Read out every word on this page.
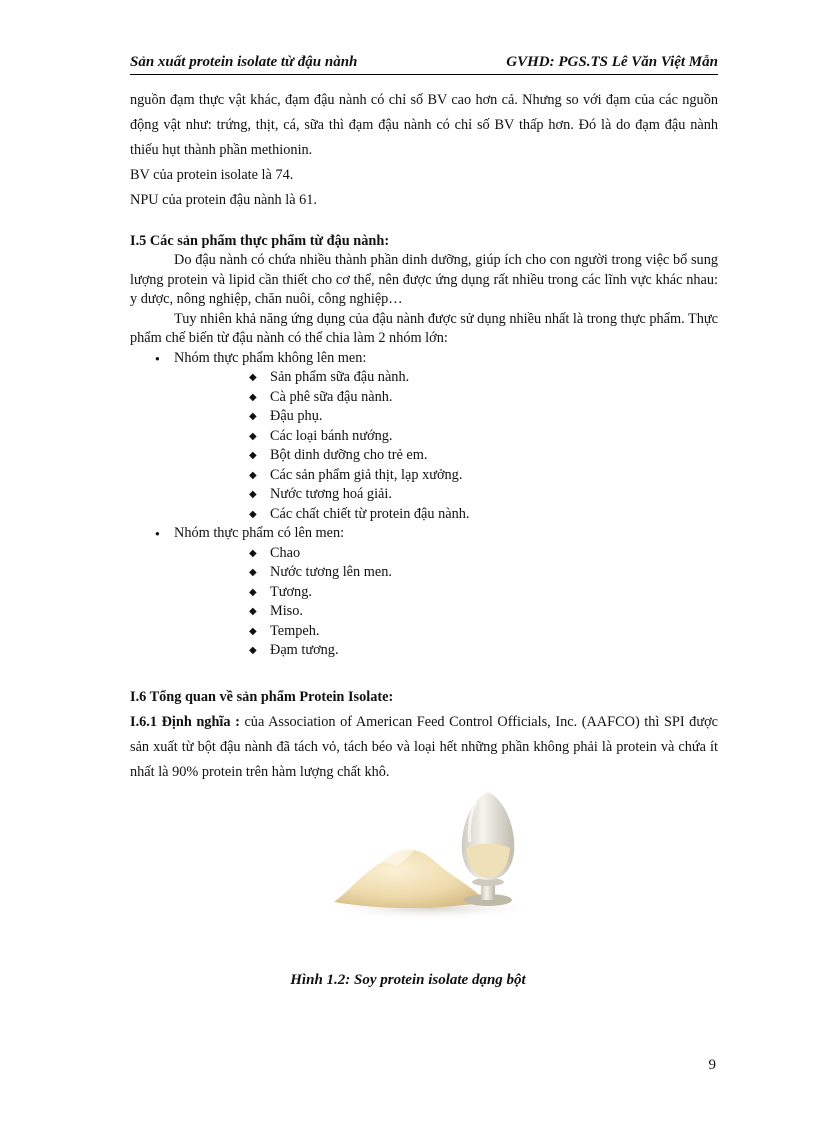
Sản xuất protein isolate từ đậu nành	GVHD: PGS.TS Lê Văn Việt Mẫn

nguồn đạm thực vật khác, đạm đậu nành có chỉ số BV cao hơn cả. Nhưng so với đạm của các nguồn động vật như: trứng, thịt, cá, sữa thì đạm đậu nành có chỉ số BV thấp hơn. Đó là do đạm đậu nành thiếu hụt thành phần methionin.

BV của protein isolate là 74.

NPU của protein đậu nành là 61.

I.5 Các sản phẩm thực phẩm từ đậu nành:

Do đậu nành có chứa nhiều thành phần dinh dưỡng, giúp ích cho con người trong việc bổ sung lượng protein và lipid cần thiết cho cơ thể, nên được ứng dụng rất nhiều trong các lĩnh vực khác nhau: y dược, nông nghiệp, chăn nuôi, công nghiệp…

Tuy nhiên khả năng ứng dụng của đậu nành được sử dụng nhiều nhất là trong thực phẩm. Thực phẩm chế biến từ đậu nành có thể chia làm 2 nhóm lớn:

● Nhóm thực phẩm không lên men:
◆ Sản phẩm sữa đậu nành.
◆ Cà phê sữa đậu nành.
◆ Đậu phụ.
◆ Các loại bánh nướng.
◆ Bột dinh dưỡng cho trẻ em.
◆ Các sản phẩm giả thịt, lạp xưởng.
◆ Nước tương hoá giải.
◆ Các chất chiết từ protein đậu nành.
● Nhóm thực phẩm có lên men:
◆ Chao
◆ Nước tương lên men.
◆ Tương.
◆ Miso.
◆ Tempeh.
◆ Đạm tương.
I.6 Tổng quan về sản phẩm Protein Isolate:

I.6.1 Định nghĩa : của Association of American Feed Control Officials, Inc. (AAFCO) thì SPI được sản xuất từ bột đậu nành đã tách vỏ, tách béo và loại hết những phần không phải là protein và chứa ít nhất là 90% protein trên hàm lượng chất khô.

Hình 1.2: Soy protein isolate dạng bột
9
